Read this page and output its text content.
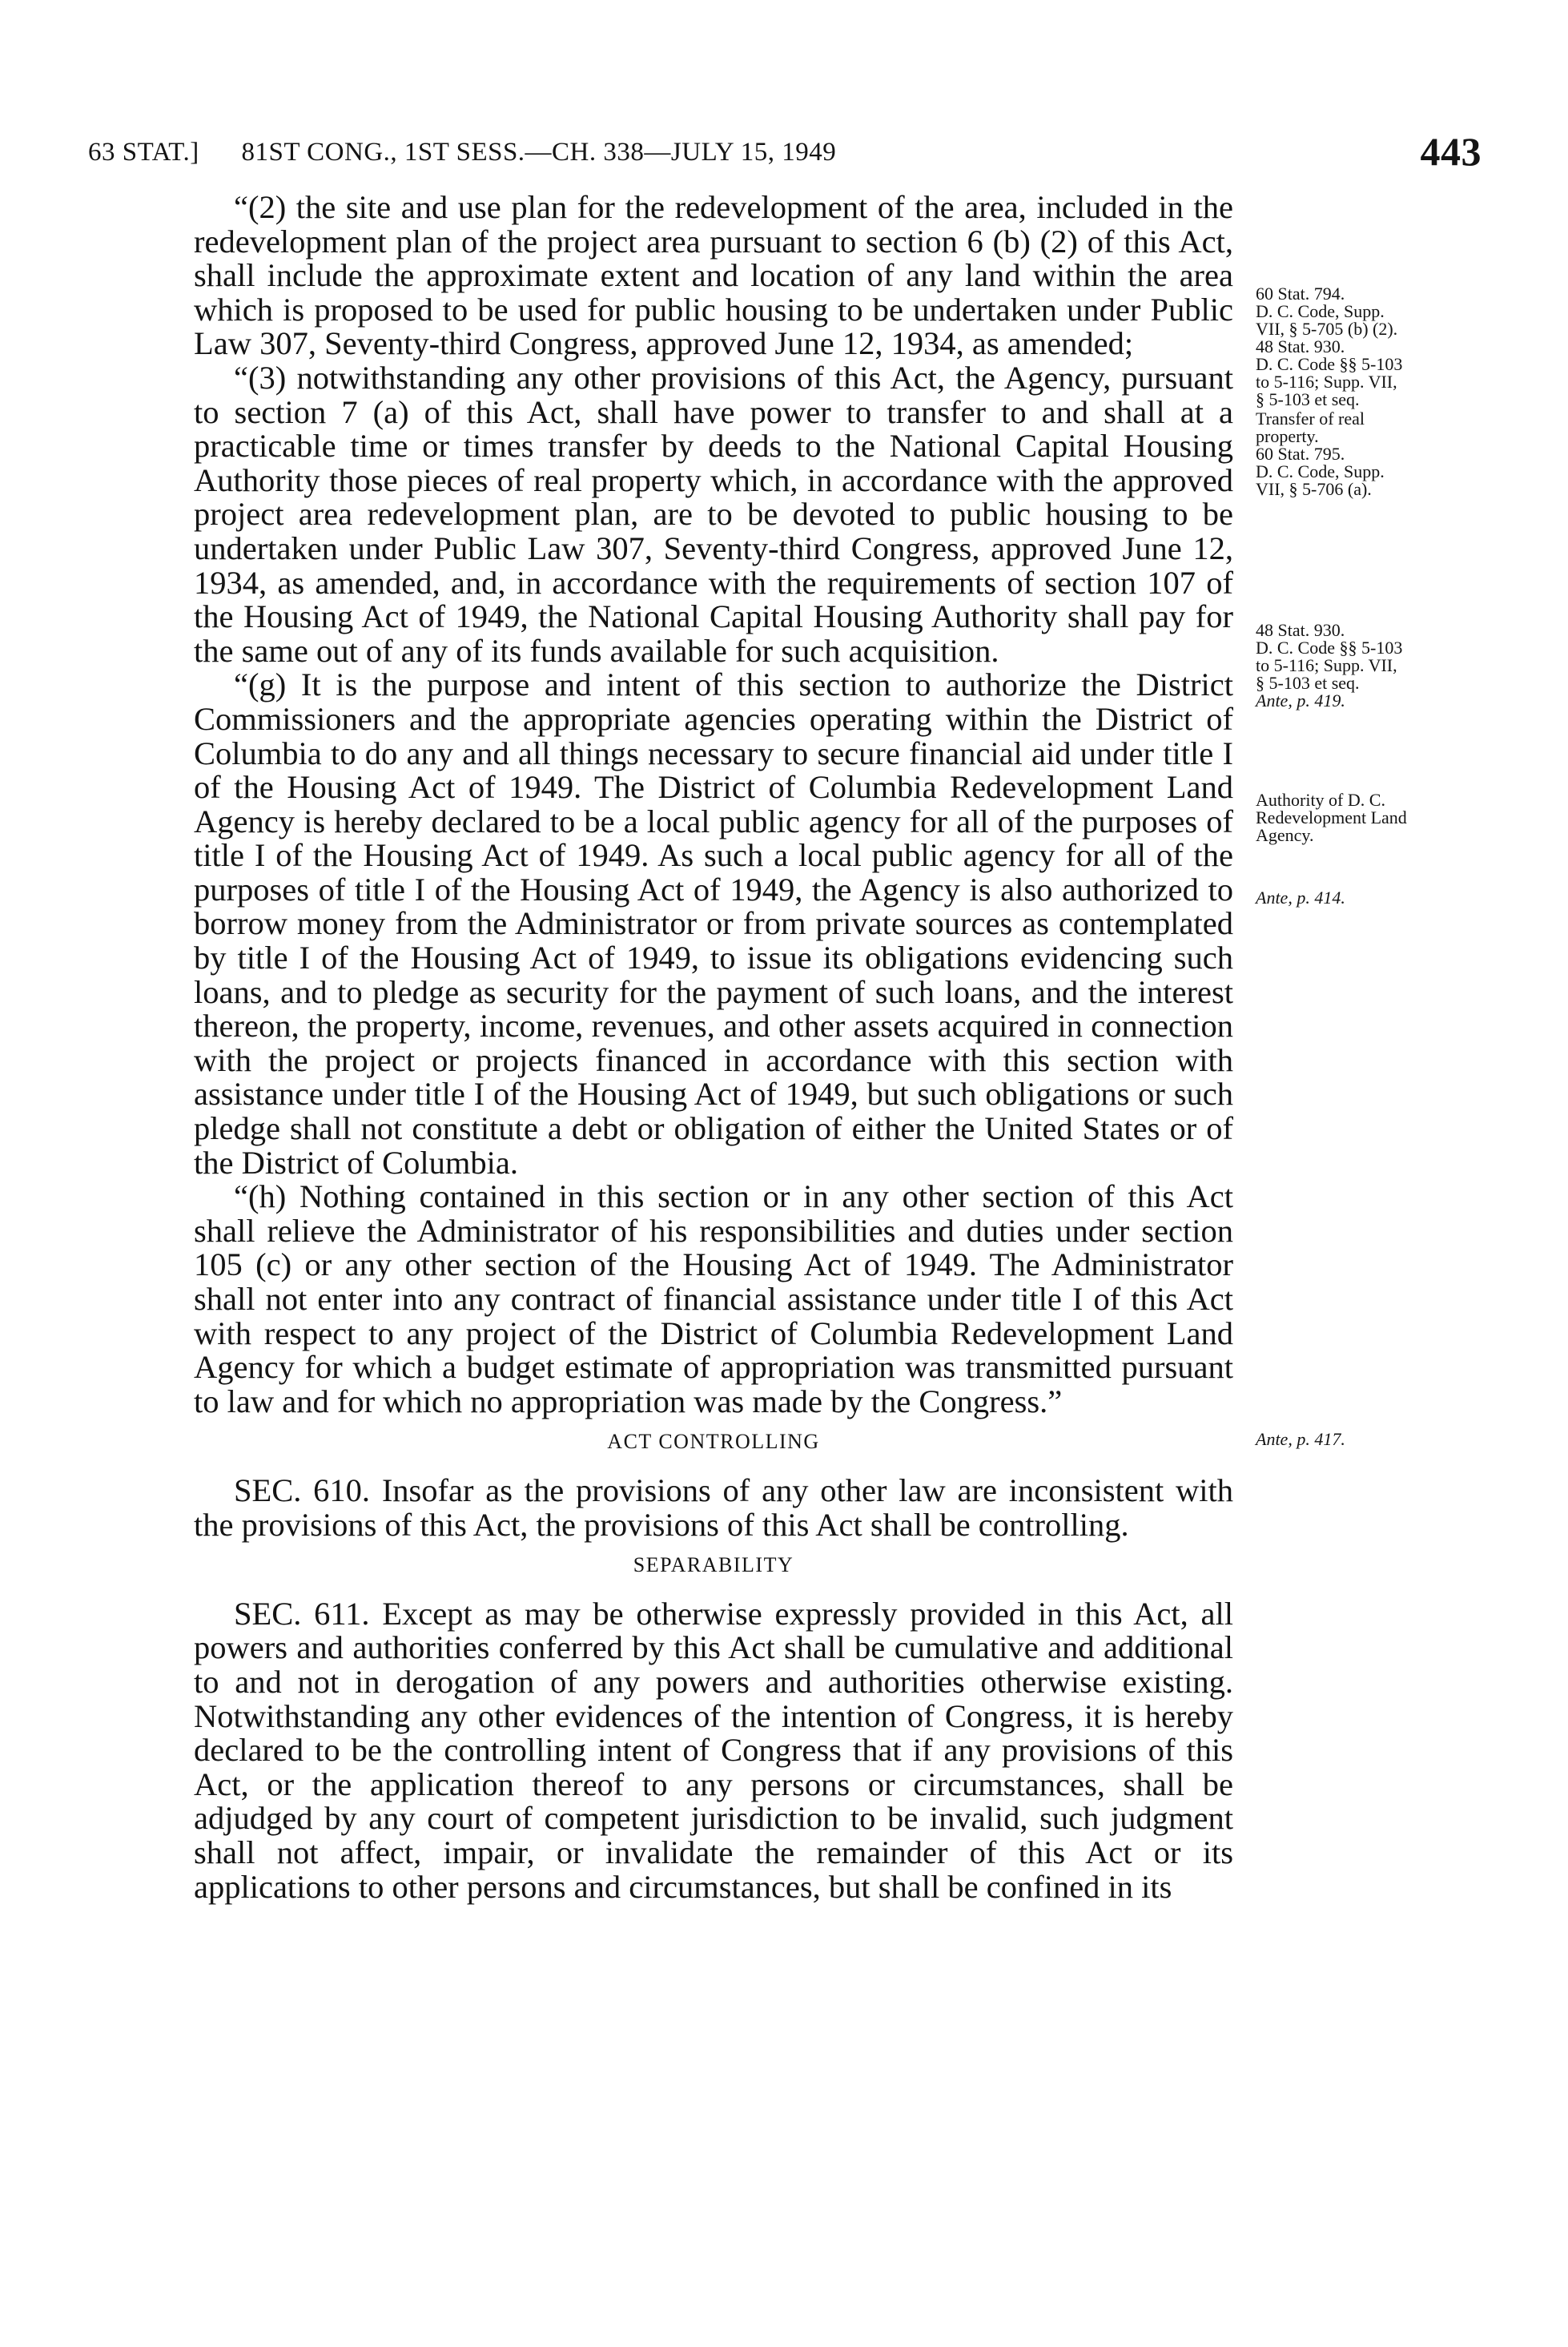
63 STAT.] 81ST CONG., 1ST SESS.—CH. 338—JULY 15, 1949	443

“(2) the site and use plan for the redevelopment of the area, included in the redevelopment plan of the project area pursuant to section 6 (b) (2) of this Act, shall include the approximate extent and location of any land within the area which is proposed to be used for public housing to be undertaken under Public Law 307, Seventy-third Congress, approved June 12, 1934, as amended;

“(3) notwithstanding any other provisions of this Act, the Agency, pursuant to section 7 (a) of this Act, shall have power to transfer to and shall at a practicable time or times transfer by deeds to the National Capital Housing Authority those pieces of real property which, in accordance with the approved project area redevelopment plan, are to be devoted to public housing to be undertaken under Public Law 307, Seventy-third Congress, approved June 12, 1934, as amended, and, in accordance with the requirements of section 107 of the Housing Act of 1949, the National Capital Housing Authority shall pay for the same out of any of its funds available for such acquisition.

“(g) It is the purpose and intent of this section to authorize the District Commissioners and the appropriate agencies operating within the District of Columbia to do any and all things necessary to secure financial aid under title I of the Housing Act of 1949. The District of Columbia Redevelopment Land Agency is hereby declared to be a local public agency for all of the purposes of title I of the Housing Act of 1949. As such a local public agency for all of the purposes of title I of the Housing Act of 1949, the Agency is also authorized to borrow money from the Administrator or from private sources as contemplated by title I of the Housing Act of 1949, to issue its obligations evidencing such loans, and to pledge as security for the payment of such loans, and the interest thereon, the property, income, revenues, and other assets acquired in connection with the project or projects financed in accordance with this section with assistance under title I of the Housing Act of 1949, but such obligations or such pledge shall not constitute a debt or obligation of either the United States or of the District of Columbia.

“(h) Nothing contained in this section or in any other section of this Act shall relieve the Administrator of his responsibilities and duties under section 105 (c) or any other section of the Housing Act of 1949. The Administrator shall not enter into any contract of financial assistance under title I of this Act with respect to any project of the District of Columbia Redevelopment Land Agency for which a budget estimate of appropriation was transmitted pursuant to law and for which no appropriation was made by the Congress.”

ACT CONTROLLING

SEC. 610. Insofar as the provisions of any other law are inconsistent with the provisions of this Act, the provisions of this Act shall be controlling.

SEPARABILITY

SEC. 611. Except as may be otherwise expressly provided in this Act, all powers and authorities conferred by this Act shall be cumulative and additional to and not in derogation of any powers and authorities otherwise existing. Notwithstanding any other evidences of the intention of Congress, it is hereby declared to be the controlling intent of Congress that if any provisions of this Act, or the application thereof to any persons or circumstances, shall be adjudged by any court of competent jurisdiction to be invalid, such judgment shall not affect, impair, or invalidate the remainder of this Act or its applications to other persons and circumstances, but shall be confined in its

60 Stat. 794.
D. C. Code, Supp.
VII, § 5-705 (b) (2).
48 Stat. 930.
D. C. Code §§ 5-103
to 5-116; Supp. VII,
§ 5-103 et seq.
Transfer of real
property.
60 Stat. 795.
D. C. Code, Supp.
VII, § 5-706 (a).
48 Stat. 930.
D. C. Code §§ 5-103
to 5-116; Supp. VII,
§ 5-103 et seq.
Ante, p. 419.
Authority of D. C.
Redevelopment Land
Agency.
Ante, p. 414.
Ante, p. 417.
